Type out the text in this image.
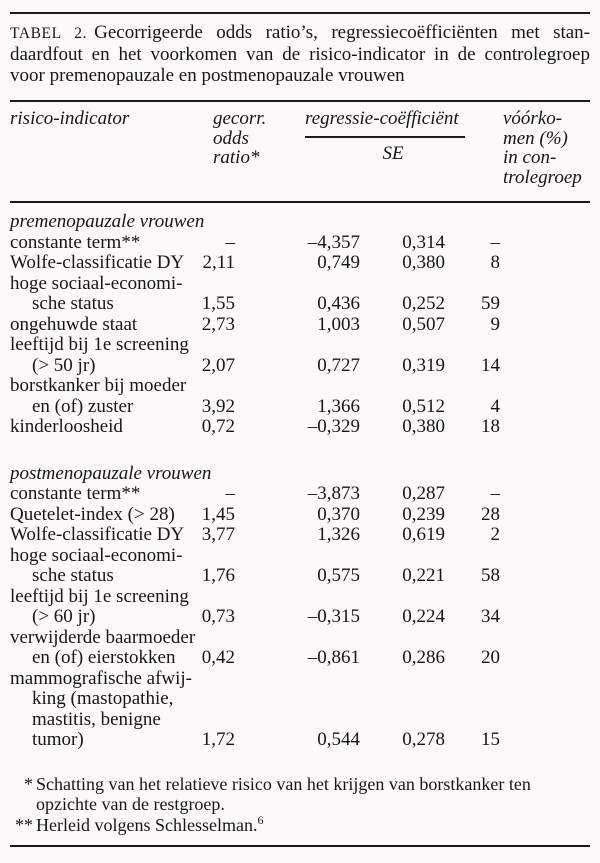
TABEL 2. Gecorrigeerde odds ratio’s, regressiecoëfficiënten met stan-
daardfout en het voorkomen van de risico-indicator in de controlegroep
voor premenopauzale en postmenopauzale vrouwen
risico-indicator	gecorr.
odds
ratio*
regressie-coëfficiënt
SE
vóórko-
men (%)
in con-
trolegroep
premenopauzale vrouwen
constante term**	–	–4,357	0,314	–
Wolfe-classificatie DY 2,11	0,749	0,380	8
hoge sociaal-economi-
sche status	1,55	0,436	0,252	59
ongehuwde staat	2,73	1,003	0,507	9
leeftijd bij 1e screening
(> 50 jr)	2,07	0,727	0,319	14
borstkanker bij moeder
en (of) zuster	3,92	1,366	0,512	4
kinderloosheid	0,72	–0,329	0,380	18
postmenopauzale vrouwen
constante term**	–	–3,873	0,287	–
Quetelet-index (> 28)	1,45	0,370	0,239	28
Wolfe-classificatie DY 3,77	1,326	0,619	2
hoge sociaal-economi-
sche status	1,76	0,575	0,221	58
leeftijd bij 1e screening
(> 60 jr)	0,73	–0,315	0,224	34
verwijderde baarmoeder
en (of) eierstokken	0,42	–0,861	0,286	20
mammografische afwij-
king (mastopathie,
mastitis, benigne
tumor)	1,72	0,544	0,278	15
* Schatting van het relatieve risico van het krijgen van borstkanker ten
opzichte van de restgroep.
** Herleid volgens Schlesselman.$^6$
